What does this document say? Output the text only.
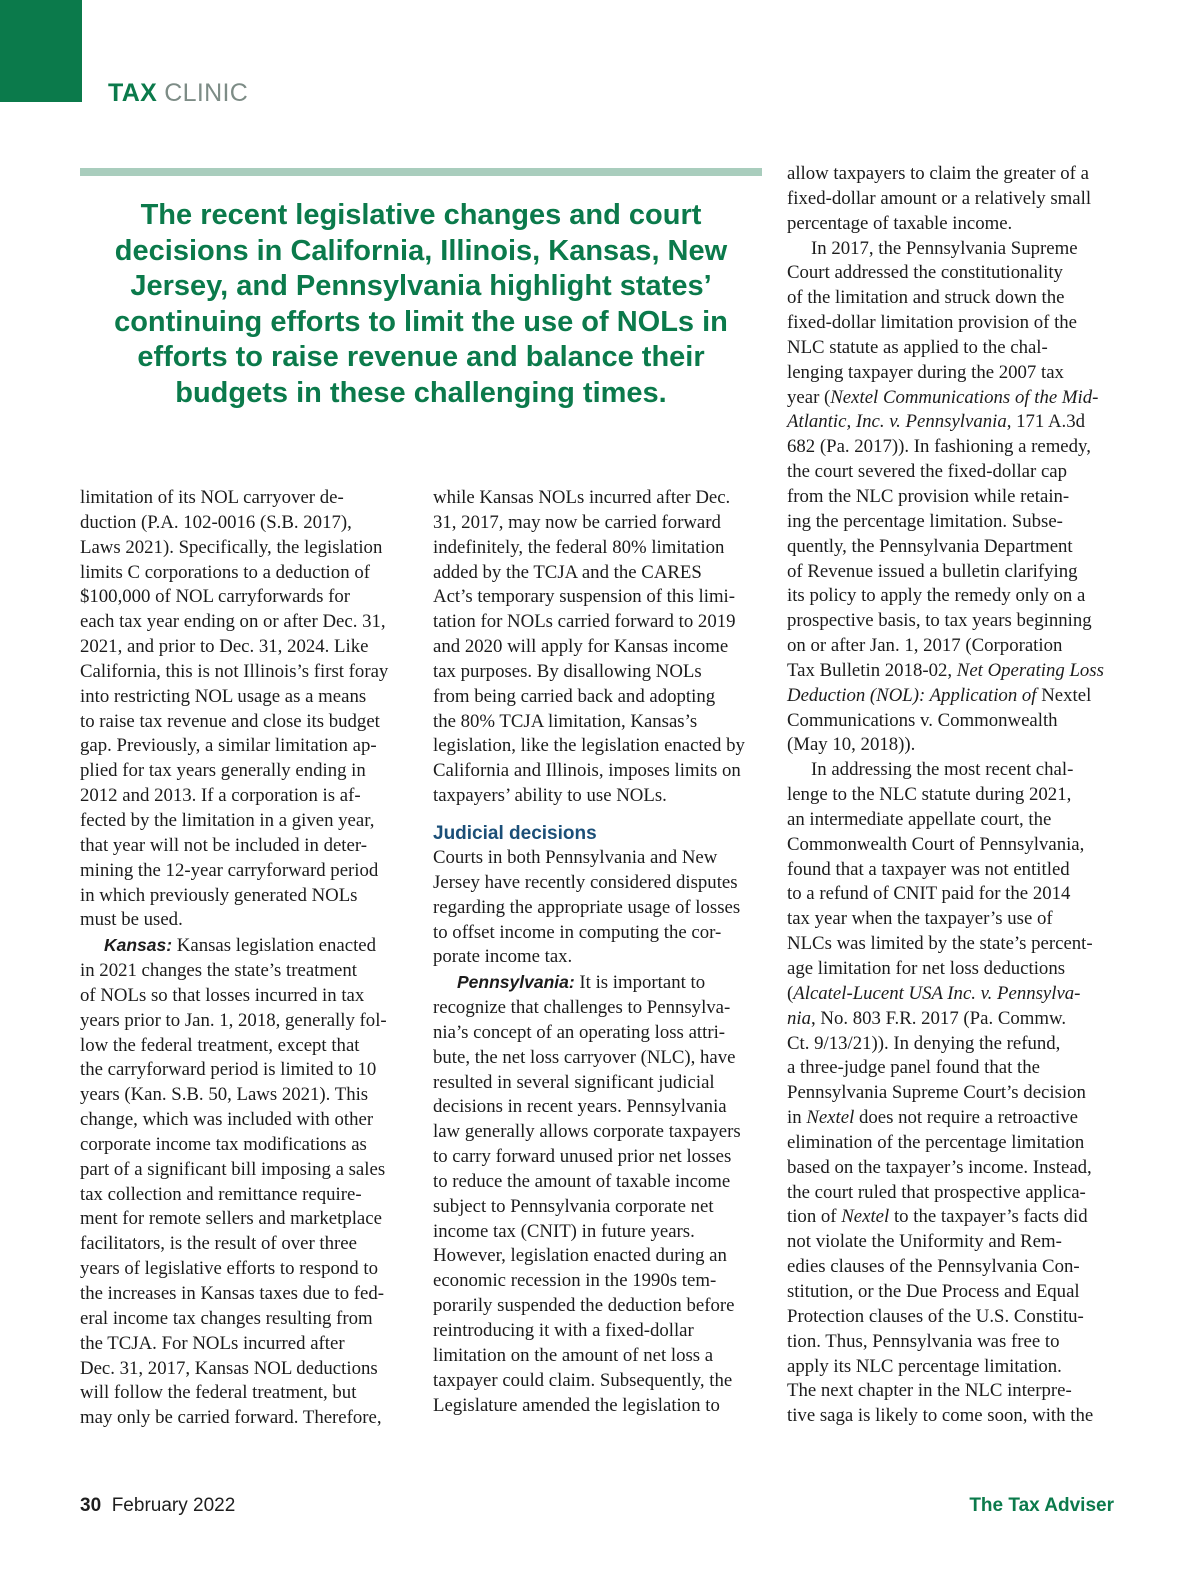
TAX CLINIC

The recent legislative changes and court decisions in California, Illinois, Kansas, New Jersey, and Pennsylvania highlight states’ continuing efforts to limit the use of NOLs in efforts to raise revenue and balance their budgets in these challenging times.

limitation of its NOL carryover de-
duction (P.A. 102-0016 (S.B. 2017),
Laws 2021). Specifically, the legislation
limits C corporations to a deduction of
$100,000 of NOL carryforwards for
each tax year ending on or after Dec. 31,
2021, and prior to Dec. 31, 2024. Like
California, this is not Illinois’s first foray
into restricting NOL usage as a means
to raise tax revenue and close its budget
gap. Previously, a similar limitation ap-
plied for tax years generally ending in
2012 and 2013. If a corporation is af-
fected by the limitation in a given year,
that year will not be included in deter-
mining the 12-year carryforward period
in which previously generated NOLs
must be used.

Kansas: Kansas legislation enacted
in 2021 changes the state’s treatment
of NOLs so that losses incurred in tax
years prior to Jan. 1, 2018, generally fol-
low the federal treatment, except that
the carryforward period is limited to 10
years (Kan. S.B. 50, Laws 2021). This
change, which was included with other
corporate income tax modifications as
part of a significant bill imposing a sales
tax collection and remittance require-
ment for remote sellers and marketplace
facilitators, is the result of over three
years of legislative efforts to respond to
the increases in Kansas taxes due to fed-
eral income tax changes resulting from
the TCJA. For NOLs incurred after
Dec. 31, 2017, Kansas NOL deductions
will follow the federal treatment, but
may only be carried forward. Therefore,

while Kansas NOLs incurred after Dec.
31, 2017, may now be carried forward
indefinitely, the federal 80% limitation
added by the TCJA and the CARES
Act’s temporary suspension of this limi-
tation for NOLs carried forward to 2019
and 2020 will apply for Kansas income
tax purposes. By disallowing NOLs
from being carried back and adopting
the 80% TCJA limitation, Kansas’s
legislation, like the legislation enacted by
California and Illinois, imposes limits on
taxpayers’ ability to use NOLs.

Judicial decisions

Courts in both Pennsylvania and New
Jersey have recently considered disputes
regarding the appropriate usage of losses
to offset income in computing the cor-
porate income tax.

Pennsylvania: It is important to
recognize that challenges to Pennsylva-
nia’s concept of an operating loss attri-
bute, the net loss carryover (NLC), have
resulted in several significant judicial
decisions in recent years. Pennsylvania
law generally allows corporate taxpayers
to carry forward unused prior net losses
to reduce the amount of taxable income
subject to Pennsylvania corporate net
income tax (CNIT) in future years.
However, legislation enacted during an
economic recession in the 1990s tem-
porarily suspended the deduction before
reintroducing it with a fixed-dollar
limitation on the amount of net loss a
taxpayer could claim. Subsequently, the
Legislature amended the legislation to

allow taxpayers to claim the greater of a
fixed-dollar amount or a relatively small
percentage of taxable income.

In 2017, the Pennsylvania Supreme
Court addressed the constitutionality
of the limitation and struck down the
fixed-dollar limitation provision of the
NLC statute as applied to the chal-
lenging taxpayer during the 2007 tax
year (Nextel Communications of the Mid-
Atlantic, Inc. v. Pennsylvania, 171 A.3d
682 (Pa. 2017)). In fashioning a remedy,
the court severed the fixed-dollar cap
from the NLC provision while retain-
ing the percentage limitation. Subse-
quently, the Pennsylvania Department
of Revenue issued a bulletin clarifying
its policy to apply the remedy only on a
prospective basis, to tax years beginning
on or after Jan. 1, 2017 (Corporation
Tax Bulletin 2018-02, Net Operating Loss
Deduction (NOL): Application of Nextel
Communications v. Commonwealth
(May 10, 2018)).

In addressing the most recent chal-
lenge to the NLC statute during 2021,
an intermediate appellate court, the
Commonwealth Court of Pennsylvania,
found that a taxpayer was not entitled
to a refund of CNIT paid for the 2014
tax year when the taxpayer’s use of
NLCs was limited by the state’s percent-
age limitation for net loss deductions
(Alcatel-Lucent USA Inc. v. Pennsylva-
nia, No. 803 F.R. 2017 (Pa. Commw.
Ct. 9/13/21)). In denying the refund,
a three-judge panel found that the
Pennsylvania Supreme Court’s decision
in Nextel does not require a retroactive
elimination of the percentage limitation
based on the taxpayer’s income. Instead,
the court ruled that prospective applica-
tion of Nextel to the taxpayer’s facts did
not violate the Uniformity and Rem-
edies clauses of the Pennsylvania Con-
stitution, or the Due Process and Equal
Protection clauses of the U.S. Constitu-
tion. Thus, Pennsylvania was free to
apply its NLC percentage limitation.
The next chapter in the NLC interpre-
tive saga is likely to come soon, with the

30 February 2022	The Tax Adviser
